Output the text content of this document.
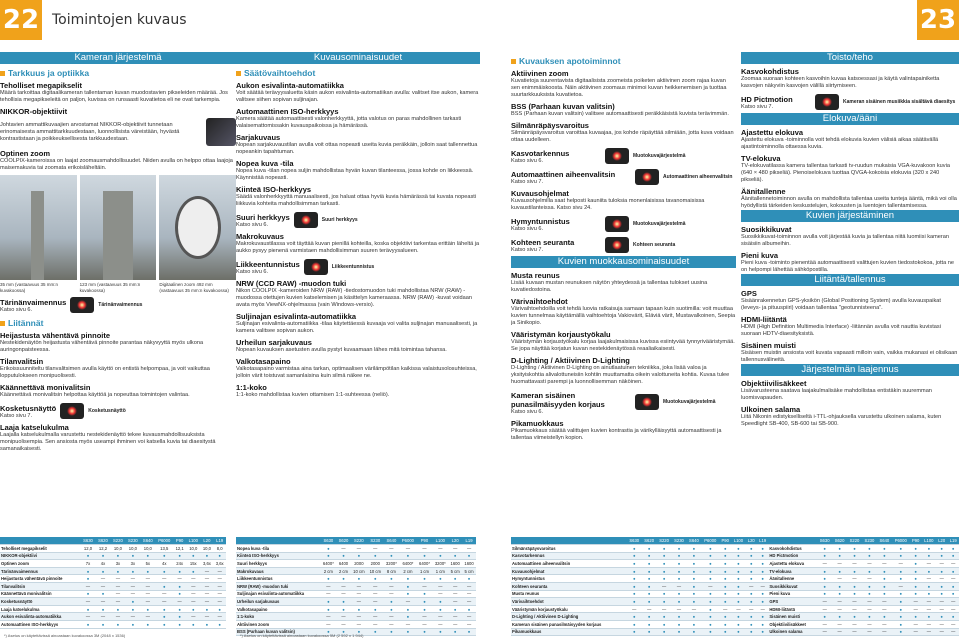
22 Toimintojen kuvaus	23
Kameran järjestelmä
Tarkkuus ja optiikka
Teholliset megapikselit

Määrä tarkoittaa digitaalikameran tallentaman kuvan muodostavien pikseleiden määrää. Jos tehollisia megapikseleitä on paljon, kuvissa on runsaasti kuvatietoa eli ne ovat tarkempia.

NIKKOR-objektiivit

Johtavien ammattikuvaajien arvostamat NIKKOR-objektiivit tunnetaan erinomaisesta ammattitarkkuudestaan, luonnollisista väreistään, hyvästä kontrastistaan ja poikkeuksellisesta tarkkuudestaan.

Optinen zoom

COOLPIX-kameroissa on laajat zoomausmahdollisuudet. Niiden avulla on helppo ottaa laajoja maisemakuvia tai zoomata erikoisläheltäin.

35 mm (vastaavuus 35 mm:n kuvakoossa)
123 mm (vastaavuus 35 mm:n kuvakoossa)
Digitaalinen zoom 492 mm (vastaavuus 35 mm:n kuvakoossa)
Tärinänvaimennus

Katso sivu 6.

Tärinänvaimennus
Liitännät
Heijastusta vähentävä pinnoite

Nestekidenäytön heijastusta vähentävä pinnoite parantaa näkyvyyttä myös ulkona auringonpaisteessa.

Tilanvalitsin

Erikoissuunniteltu tilanvalitsimen avulla käyttö on entistä helpompaa, ja voit vaikuttaa lopputulokseen monipuolisesti.

Käännettävä monivalitsin

Käännettävä monivalitsin helpottaa käyttöä ja nopeuttaa toimintojen valintaa.

Kosketusnäyttö

Katso sivu 7.

Kosketusnäyttö
Laaja katselukulma

Laajalla katselukulmalla varustettu nestekidenäyttö tekee kuvausmahdollisuuksista monipuolisempia. Sen ansiosta myös useampi ihminen voi katsella kuvia tai diaesitystä samanaikaisesti.

Kuvausominaisuudet
Säätövaihtoehdot
Aukon esivalinta-automatiikka

Voit säätää terävyysaluetta käsin aukon esivalinta-automatiikan avulla: valitset itse aukon, kamera valitsee siihen sopivan suljinajan.

Automaattinen ISO-herkkyys

Kamera säätää automaattisesti valonherkkyyttä, jotta valotus on paras mahdollinen tarkasti valaisemattomissakin kuvauspaikoissa ja hämärässä.

Sarjakuvaus

Nopean sarjakuvaustilan avulla voit ottaa nopeasti useita kuvia peräkkäin, jolloin saat tallennettua nopeankin tapahtuman.

Nopea kuva -tila

Nopea kuva -tilan nopea suljin mahdollistaa hyvän kuvan tilanteessa, jossa kohde on liikkeessä. Käynnistää nopeasti.

Kiinteä ISO-herkkyys

Säädä valonherkkyyttä manuaalisesti, jos haluat ottaa hyviä kuvia hämärässä tai kuvata nopeasti liikkuvia kohteita mahdollisimman tarkasti.

Suuri herkkyys

Katso sivu 6.

Suuri herkkyys
Makrokuvaus

Makrokuvaustilassa voit täyttää kuvan pienillä kohteilla, koska objektiivi tarkentaa erittäin läheltä ja aukko pysyy pienenä varmistaen mahdollisimman suuren terävyysalueen.

Liikkeentunnistus

Katso sivu 6.

Liikkeentunnistus
NRW (CCD RAW) -muodon tuki

Nikon COOLPIX -kameroiden NRW (RAW) -tiedostomuodon tuki mahdollistaa NRW (RAW) -muodossa otettujen kuvien katselemisen ja käsittelyn kameraassa. NRW (RAW) -kuvat voidaan avata myös ViewNX-ohjelmassa (vain Windows-versio).

Suljinajan esivalinta-automatiikka

Suljinajan esivalinta-automatiikka -tilaa käytettäessä kuvaaja voi valita suljinajan manuaalisesti, ja kamera valitsee sopivan aukon.

Urheilun sarjakuvaus

Nopean kuvauksen asetusten avulla pystyt kuvaamaan lähes mitä toimintaa tahansa.

Valkotasapaino

Valkotasapaino varmistaa aina tarkan, optimaalisen värilämpötilan kaikissa valaistusolosuhteissa, jolloin värit toistuvat samanlaisina kuin silmä näkee ne.

1:1-koko

1:1-koko mahdollistaa kuvien ottamisen 1:1-suhteessa (neliö).

Kuvauksen apotoiminnot
Aktiivinen zoom

Kuvatietoja suurentavista digitaalisista zoomeista poiketen aktiivinen zoom rajaa kuvan sen enimmäiskoosta. Näin aktiivinen zoomaus minimoi kuvan heikkenemisen ja tuottaa suurtarkkuuksista kuvatietoa.

BSS (Parhaan kuvan valitsin)

BSS (Parhaan kuvan valitsin) valitsee automaattisesti peräkkäisistä kuvista terävimmän.

Silmänräpäysvaroitus

Silmänräpäysvaroitus varoittaa kuvaajaa, jos kohde räpäyttää silmiään, jotta kuva voidaan ottaa uudelleen.

Kasvotarkennus

Katso sivu 6.

Muotokuvajärjestelmä
Automaattinen aiheenvalitsin

Katso sivu 7.

Automaattinen aiheenvalitsin
Kuvausohjelmat

Kuvausohjelmilla saat helposti kauniita tuloksia monenlaisissa tavanomaisissa kuvaustilanteissa. Katso sivu 24.

Hymyntunnistus

Katso sivu 6.

Muotokuvajärjestelmä
Kohteen seuranta

Katso sivu 7.

Kohteen seuranta
Kuvien muokkausominaisuudet
Musta reunus

Lisää kuvaan mustan reunuksen näytön yhteydessä ja tallentaa tulokset uusina kuvatiedostoina.

Värivaihtoehdot

Värivaihtoehdoilla voit tehdä luovia ratkaisuja samaan tapaan kuin suotimilla: voit muuttaa kuvien tunnelmaa käyttämällä vaihtoehtoja Vakiovärit, Eläviä värit, Mustavalkoinen, Seepia ja Sinikopio.

Vääristymän korjaustyökalu

Vääristymän korjaustyökalu korjaa laajakulmaisissa kuvissa esiintyvää tynnyrivääristymää. Se jopa näyttää korjatun kuvan nestekidenäytössä reaaliaikaisesti.

D-Lighting / Aktiivinen D-Lighting

D-Lighting / Aktiivinen D-Lighting on ainutlaatuinen tekniikka, joka lisää valoa ja yksityiskohtia alivalottuneisiin kohtiin muuttamatta oikein valottuneita kohtia. Kuvaa tulee huomattavasti parempi ja luonnollisemman näköinen.

Kameran sisäinen punasilmäisyyden korjaus

Katso sivu 6.

Muotokuvajärjestelmä
Pikamuokkaus

Pikamuokkaus säätää valittujen kuvien kontrastia ja värikylläisyyttä automaattisesti ja tallentaa viimeistellyn kopion.

Toisto/teho
Kasvokohdistus

Zoomaa suoraan kohteen kasvoihin kuvaa katsoessasi ja käytä valintapainiketta kasvojen näkyviin kasvojen välillä siirtymiseen.

HD Pictmotion

Katso sivu 7.

Kameran sisäinen musiikkia sisältävä diaesitys
Elokuva/ääni
Ajastettu elokuva

Ajastettu elokuva -toiminnolla voit tehdä elokuvia kuvien välisiä aikaa säätävällä ajastintoiminnolla ottaessa kuvia.

TV-elokuva

TV-elokuvatilassa kamera tallentaa tarkasti tv-ruudun mukaisia VGA-kuvakoon kuvia (640 × 480 pikseliä). Pienoiselokuva tuottaa QVGA-kokoisia elokuvia (320 x 240 pikseliä).

Äänitallenne

Äänitallennetoiminnon avulla on mahdollista tallentaa useita tunteja ääntä, mikä voi olla hyödyllistä tärkeiden keskustelujen, kokousten ja luentojen tallentamisessa.

Kuvien järjestäminen
Suosikkikuvat

Suosikkikuvat-toiminnon avulla voit järjestää kuvia ja tallentaa niitä luomiisi kameran sisäisiin albumeihin.

Pieni kuva

Pieni kuva -toiminto pienentää automaattisesti valittujen kuvien tiedostokokoa, jotta ne on helpompi lähettää sähköpostilla.

Liitäntä/tallennus
GPS

Sisäänrakennetun GPS-yksikön (Global Positioning System) avulla kuvauspaikat (leveys- ja pituuspiiri) voidaan tallentaa "geotunnisteena".

HDMI-liitäntä

HDMI (High Definition Multimedia Interface) -liitännän avulla voit nauttia kuvistasi suoraan HDTV-diaesityksistä.

Sisäinen muisti

Sisäisen muistin ansiosta voit kuvata vapaasti milloin vain, vaikka mukanasi ei olisikaan tallennusvälineitä.

Järjestelmän laajennus
Objektiivilisäkkeet

Lisävarusteena saatava laajakulmalisäke mahdollistaa entistäkin suuremman luomisvapauden.

Ulkoinen salama

Liitä Nikonin edistykselliseltä i-TTL-ohjauksella varustettu ulkoinen salama, kuten Speedlight SB-400, SB-600 tai SB-900.

	S630	S620	S220	S230	S640	P6000	P90	L100	L20	L19
Teholliset megapikselit	12,0	12,2	10,0	10,0	10,0	13,5	12,1	10,0	10,0	8,0
NIKKOR-objektiivi	●	●	●	●	●	●	●	●	●	●
Optinen zoom	7x	4x	3x	3x	5x	4x	24x	15x	3,6x	3,6x
Tärinänvaimennus	●	●	●	●	●	●	●	●	—	—
Heijastusta vähentävä pinnoite	●	—	—	—	—	—	—	—	—	—
Tilanvalitsin	—	—	—	—	—	●	●	—	—	—
Käännettävä monivalitsin	●	●	—	—	—	—	●	—	—	—
Kosketusnäyttö	—	—	—	●	—	—	—	—	—	—
Laaja katselukulma	●	●	●	●	●	●	●	●	●	●
Aukon esivalinta-automatiikka	—	—	—	—	—	●	●	—	—	—
Automaattinen ISO-herkkyys	●	●	●	●	●	●	●	●	●	●
	S630	S620	S220	S230	S640	P6000	P90	L100	L20	L19
Nopea kuva -tila	●	—	—	—	—	—	—	—	—	—
Kiinteä ISO-herkkyys	●	●	●	●	●	●	●	●	●	●
Suuri herkkyys	6400*	6400	2000	2000	3200*	6400*	6400*	3200*	1600	1600
Makrokuvaus	2 cm	2 cm	10 cm	10 cm	8 cm	2 cm	1 cm	1 cm	5 cm	5 cm
Liikkeentunnistus	●	●	●	●	●	●	●	●	●	●
NRW (RAW) -muodon tuki	—	—	—	—	—	●	—	—	—	—
Suljinajan esivalinta-automatiikka	—	—	—	—	—	●	●	—	—	—
Urheilun sarjakuvaus	●	●	—	—	●	—	●	●	—	—
Valkotasapaino	●	●	●	●	●	●	●	●	●	●
1:1-koko	—	—	—	—	—	●	—	—	—	—
Aktiivinen zoom	—	—	—	—	—	—	—	—	—	—
BSS (Parhaan kuvan valitsin)	●	●	●	●	●	●	●	●	●	●
	S630	S620	S220	S230	S640	P6000	P90	L100	L20	L19		S630	S620	S220	S230	S640	P6000	P90	L100	L20	L19
Silmänräpäysvaroitus	●	●	●	●	●	●	●	●	●	●	Kasvokohdistus	●	●	●	●	●	●	●	●	●	●
Kasvotarkennus	●	●	●	●	●	●	●	●	●	●	HD Pictmotion	●	●	●	●	●	●	●	●	●	●
Automaattinen aiheenvalitsin	●	●	●	●	●	●	●	●	●	●	Ajastettu elokuva	—	—	—	—	—	—	●	—	—	—
Kuvausohjelmat	●	●	●	●	●	●	●	●	●	●	TV-elokuva	●	●	●	●	●	●	●	●	●	●
Hymyntunnistus	●	●	●	●	●	●	●	●	●	●	Äänitallenne	●	—	—	—	●	●	●	—	—	—
Kohteen seuranta	●	●	—	—	●	—	●	●	—	—	Suosikkikuvat	●	●	●	●	●	—	●	●	●	●
Musta reunus	●	●	●	●	●	●	●	●	●	●	Pieni kuva	●	●	●	●	●	●	●	●	●	●
Värivaihtoehdot	●	●	●	●	●	●	●	●	●	●	GPS	—	—	—	—	—	●	—	—	—	—
Vääristymän korjaustyökalu	—	—	—	—	—	●	—	—	—	—	HDMI-liitäntä	—	—	—	—	—	●	—	—	—	—
D-Lighting / Aktiivinen D-Lighting	●	●	●	●	●	●	●	●	●	●	Sisäinen muisti	●	●	●	●	●	●	●	●	●	●
Kameran sisäinen punasilmäisyyden korjaus	●	●	●	●	●	●	●	●	●	●	Objektiivilisäkkeet	—	—	—	—	—	●	—	—	—	—
Pikamuokkaus	●	●	●	●	●	●	●	●	●	●	Ulkoinen salama	—	—	—	—	—	●	—	—	—	—
*) Asetus on käytettävissä ainoastaan kuvakoossa 3M (2048 x 1536)	*) Asetus on käytettävissä ainoastaan kuvakoossa 5M (2 592 x 1 944)
